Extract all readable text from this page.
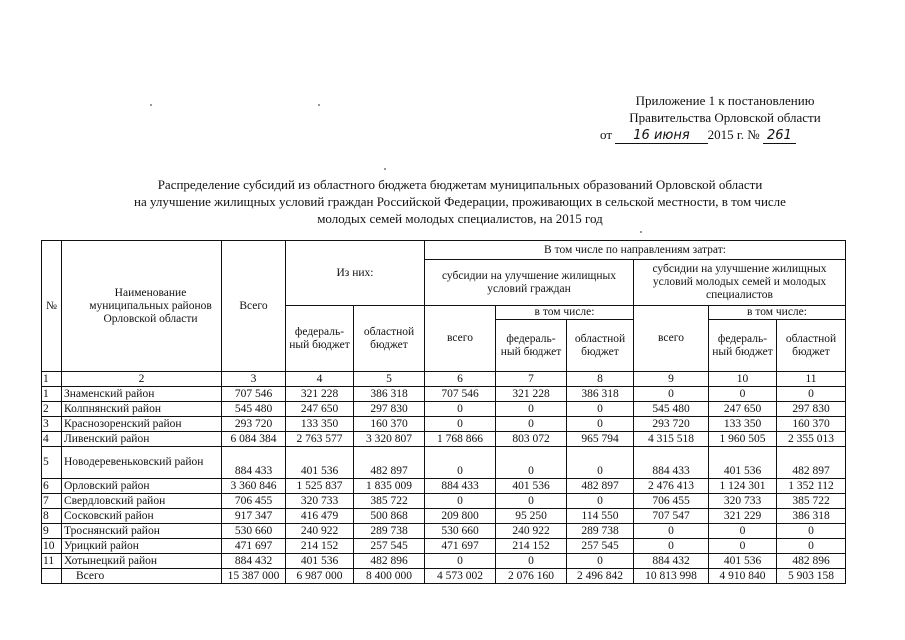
Приложение 1 к постановлению
Правительства Орловской области
от 16 июня 2015 г. № 261
Распределение субсидий из областного бюджета бюджетам муниципальных образований Орловской области
на улучшение жилищных условий граждан Российской Федерации, проживающих в сельской местности, в том числе
молодых семей молодых специалистов, на 2015 год
№	Наименование муниципальных районов Орловской области	Всего	Из них:		В том числе по направлениям затрат:					
					субсидии на улучшение жилищных условий граждан			субсидии на улучшение жилищных условий молодых семей и молодых специалистов		
			федераль-ный бюджет	областной бюджет	всего	в том числе:		всего	в том числе:	
						федераль-ный бюджет	областной бюджет		федераль-ный бюджет	областной бюджет
1	2	3	4	5	6	7	8	9	10	11
1	Знаменский район	707 546	321 228	386 318	707 546	321 228	386 318	0	0	0
2	Колпнянский район	545 480	247 650	297 830	0	0	0	545 480	247 650	297 830
3	Краснозоренский район	293 720	133 350	160 370	0	0	0	293 720	133 350	160 370
4	Ливенский район	6 084 384	2 763 577	3 320 807	1 768 866	803 072	965 794	4 315 518	1 960 505	2 355 013
5	Новодеревеньковский район	884 433	401 536	482 897	0	0	0	884 433	401 536	482 897
6	Орловский район	3 360 846	1 525 837	1 835 009	884 433	401 536	482 897	2 476 413	1 124 301	1 352 112
7	Свердловский район	706 455	320 733	385 722	0	0	0	706 455	320 733	385 722
8	Сосковский район	917 347	416 479	500 868	209 800	95 250	114 550	707 547	321 229	386 318
9	Троснянский район	530 660	240 922	289 738	530 660	240 922	289 738	0	0	0
10	Урицкий район	471 697	214 152	257 545	471 697	214 152	257 545	0	0	0
11	Хотынецкий район	884 432	401 536	482 896	0	0	0	884 432	401 536	482 896
	Всего	15 387 000	6 987 000	8 400 000	4 573 002	2 076 160	2 496 842	10 813 998	4 910 840	5 903 158
